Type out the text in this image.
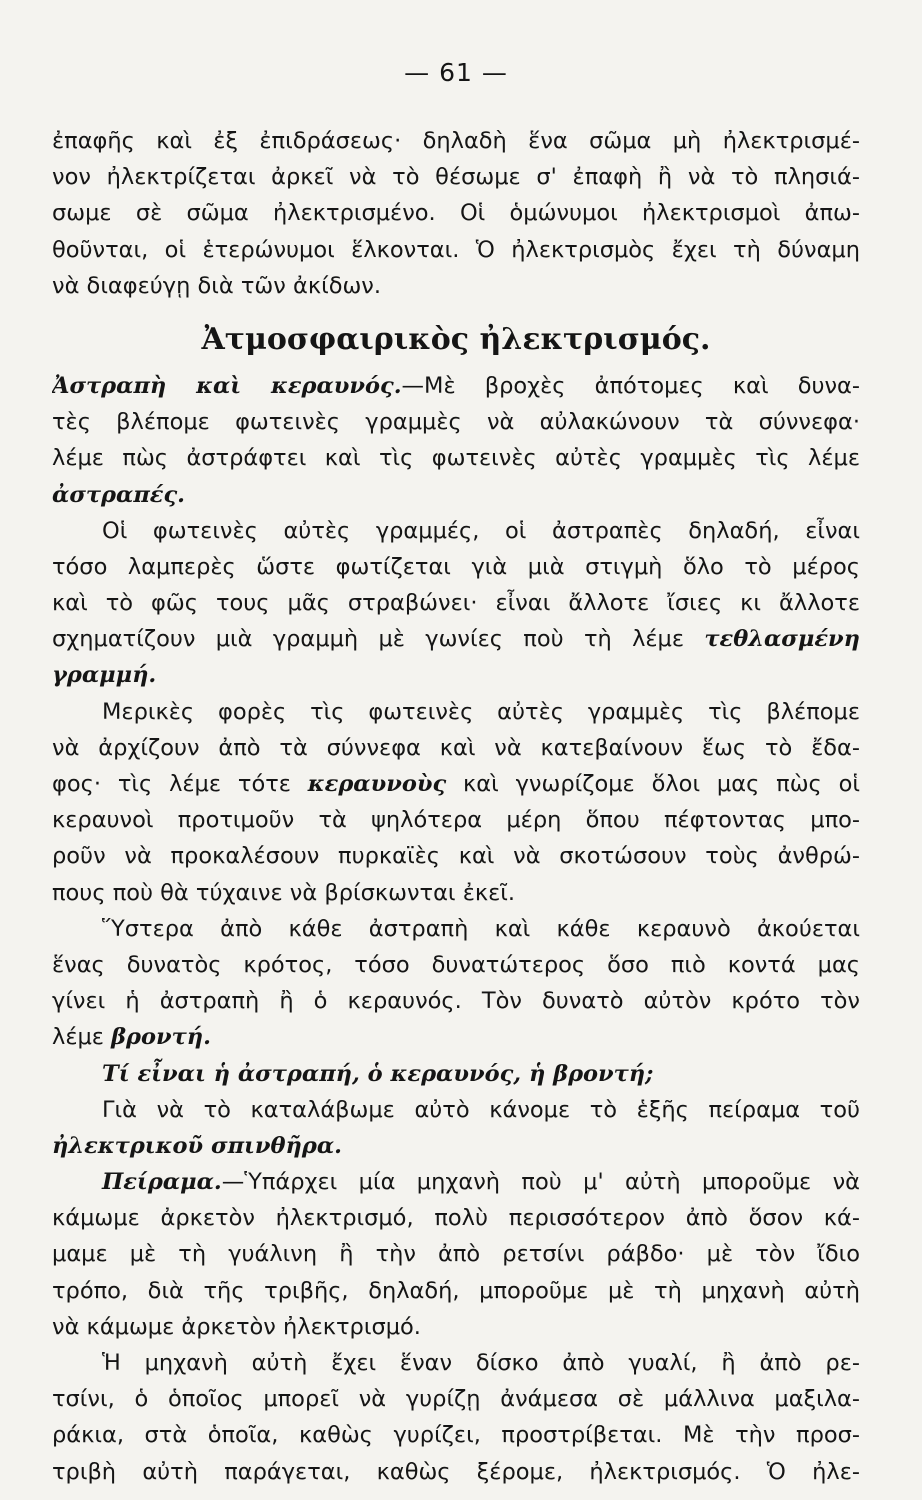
— 61 —
ἐπαφῆς καὶ ἐξ ἐπιδράσεως· δηλαδὴ ἕνα σῶμα μὴ ἠλεκτρισμέ-
νον ἠλεκτρίζεται ἀρκεῖ νὰ τὸ θέσωμε σ' ἐπαφὴ ἢ νὰ τὸ πλησιά-
σωμε σὲ σῶμα ἠλεκτρισμένο. Οἱ ὁμώνυμοι ἠλεκτρισμοὶ ἀπω-
θοῦνται, οἱ ἑτερώνυμοι ἕλκονται. Ὁ ἠλεκτρισμὸς ἔχει τὴ δύναμη
νὰ διαφεύγῃ διὰ τῶν ἀκίδων.
Ἀτμοσφαιρικὸς ἠλεκτρισμός.
Ἀστραπὴ καὶ κεραυνός.—Μὲ βροχὲς ἀπότομες καὶ δυνα-
τὲς βλέπομε φωτεινὲς γραμμὲς νὰ αὐλακώνουν τὰ σύννεφα·
λέμε πὼς ἀστράφτει καὶ τὶς φωτεινὲς αὐτὲς γραμμὲς τὶς λέμε
ἀστραπές.
Οἱ φωτεινὲς αὐτὲς γραμμές, οἱ ἀστραπὲς δηλαδή, εἶναι
τόσο λαμπερὲς ὥστε φωτίζεται γιὰ μιὰ στιγμὴ ὅλο τὸ μέρος
καὶ τὸ φῶς τους μᾶς στραβώνει· εἶναι ἄλλοτε ἴσιες κι ἄλλοτε
σχηματίζουν μιὰ γραμμὴ μὲ γωνίες ποὺ τὴ λέμε τεθλασμένη
γραμμή.
Μερικὲς φορὲς τὶς φωτεινὲς αὐτὲς γραμμὲς τὶς βλέπομε
νὰ ἀρχίζουν ἀπὸ τὰ σύννεφα καὶ νὰ κατεβαίνουν ἕως τὸ ἔδα-
φος· τὶς λέμε τότε κεραυνοὺς καὶ γνωρίζομε ὅλοι μας πὼς οἱ
κεραυνοὶ προτιμοῦν τὰ ψηλότερα μέρη ὅπου πέφτοντας μπο-
ροῦν νὰ προκαλέσουν πυρκαϊὲς καὶ νὰ σκοτώσουν τοὺς ἀνθρώ-
πους ποὺ θὰ τύχαινε νὰ βρίσκωνται ἐκεῖ.
Ὕστερα ἀπὸ κάθε ἀστραπὴ καὶ κάθε κεραυνὸ ἀκούεται
ἕνας δυνατὸς κρότος, τόσο δυνατώτερος ὅσο πιὸ κοντά μας
γίνει ἡ ἀστραπὴ ἢ ὁ κεραυνός. Τὸν δυνατὸ αὐτὸν κρότο τὸν
λέμε βροντή.
Τί εἶναι ἡ ἀστραπή, ὁ κεραυνός, ἡ βροντή;
Γιὰ νὰ τὸ καταλάβωμε αὐτὸ κάνομε τὸ ἑξῆς πείραμα τοῦ
ἠλεκτρικοῦ σπινθῆρα.
Πείραμα.—Ὑπάρχει μία μηχανὴ ποὺ μ' αὐτὴ μποροῦμε νὰ
κάμωμε ἀρκετὸν ἠλεκτρισμό, πολὺ περισσότερον ἀπὸ ὅσον κά-
μαμε μὲ τὴ γυάλινη ἢ τὴν ἀπὸ ρετσίνι ράβδο· μὲ τὸν ἴδιο
τρόπο, διὰ τῆς τριβῆς, δηλαδή, μποροῦμε μὲ τὴ μηχανὴ αὐτὴ
νὰ κάμωμε ἀρκετὸν ἠλεκτρισμό.
Ἡ μηχανὴ αὐτὴ ἔχει ἕναν δίσκο ἀπὸ γυαλί, ἢ ἀπὸ ρε-
τσίνι, ὁ ὁποῖος μπορεῖ νὰ γυρίζῃ ἀνάμεσα σὲ μάλλινα μαξιλα-
ράκια, στὰ ὁποῖα, καθὼς γυρίζει, προστρίβεται. Μὲ τὴν προσ-
τριβὴ αὐτὴ παράγεται, καθὼς ξέρομε, ἠλεκτρισμός. Ὁ ἠλε-
